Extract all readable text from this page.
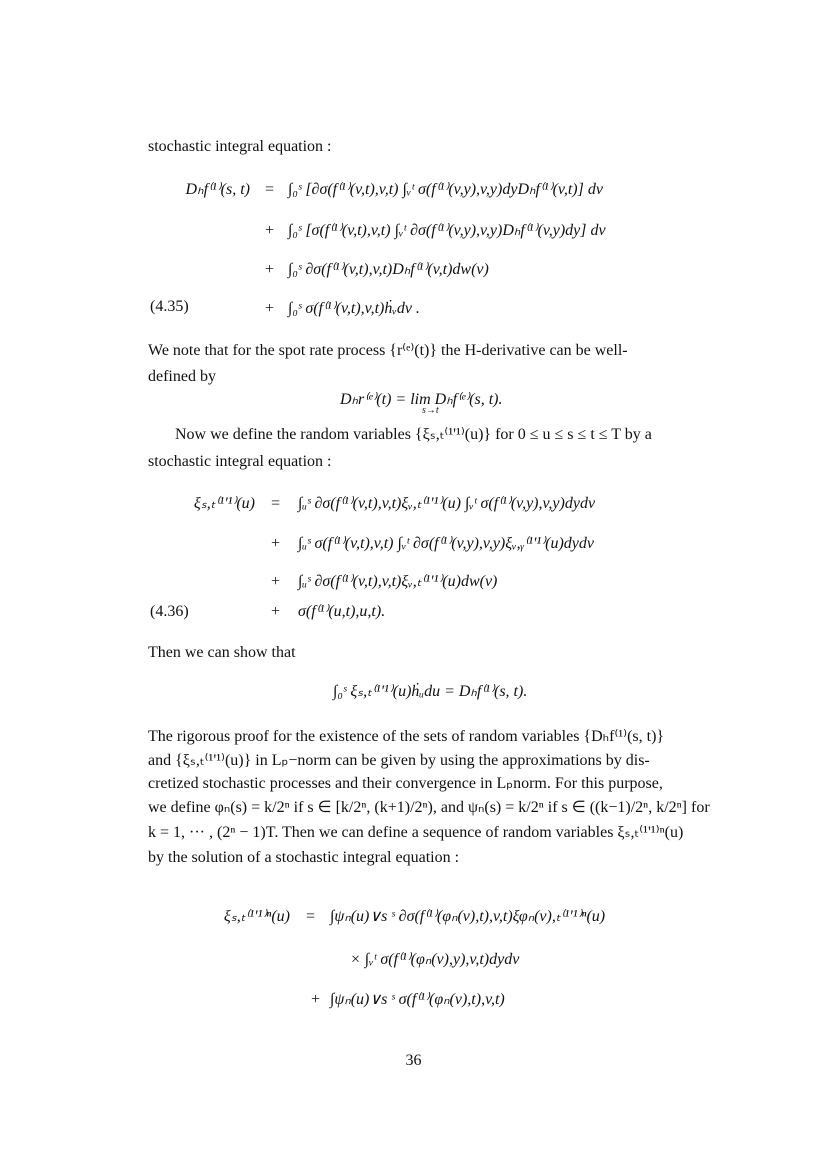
stochastic integral equation :
Dₕf⁽¹⁾(s, t) = ∫₀ˢ [∂σ(f⁽¹⁾(v,t),v,t) ∫ᵥᵗ σ(f⁽¹⁾(v,y),v,y)dyDₕf⁽¹⁾(v,t)] dv
+ ∫₀ˢ [σ(f⁽¹⁾(v,t),v,t) ∫ᵥᵗ ∂σ(f⁽¹⁾(v,y),v,y)Dₕf⁽¹⁾(v,y)dy] dv
+ ∫₀ˢ ∂σ(f⁽¹⁾(v,t),v,t)Dₕf⁽¹⁾(v,t)dw(v)
+ ∫₀ˢ σ(f⁽¹⁾(v,t),v,t)ḣᵥdv .
(4.35)
We note that for the spot rate process {r⁽ᵉ⁾(t)} the H-derivative can be well-
defined by
Dₕr⁽ᵉ⁾(t) = lim Dₕf⁽ᵉ⁾(s, t).
s→t
Now we define the random variables {ξₛ,ₜ⁽¹'¹⁾(u)} for 0 ≤ u ≤ s ≤ t ≤ T by a
stochastic integral equation :
ξₛ,ₜ⁽¹'¹⁾(u) = ∫ᵤˢ ∂σ(f⁽¹⁾(v,t),v,t)ξᵥ,ₜ⁽¹'¹⁾(u) ∫ᵥᵗ σ(f⁽¹⁾(v,y),v,y)dydv
+ ∫ᵤˢ σ(f⁽¹⁾(v,t),v,t) ∫ᵥᵗ ∂σ(f⁽¹⁾(v,y),v,y)ξᵥ,ᵧ⁽¹'¹⁾(u)dydv
+ ∫ᵤˢ ∂σ(f⁽¹⁾(v,t),v,t)ξᵥ,ₜ⁽¹'¹⁾(u)dw(v)
+ σ(f⁽¹⁾(u,t),u,t).
(4.36)
Then we can show that
∫₀ˢ ξₛ,ₜ⁽¹'¹⁾(u)ḣᵤdu = Dₕf⁽¹⁾(s, t).
The rigorous proof for the existence of the sets of random variables {Dₕf⁽¹⁾(s, t)}
and {ξₛ,ₜ⁽¹'¹⁾(u)} in Lₚ−norm can be given by using the approximations by dis-
cretized stochastic processes and their convergence in Lₚnorm. For this purpose,
we define φₙ(s) = k/2ⁿ if s ∈ [k/2ⁿ, (k+1)/2ⁿ), and ψₙ(s) = k/2ⁿ if s ∈ ((k−1)/2ⁿ, k/2ⁿ] for
k = 1, ··· , (2ⁿ − 1)T. Then we can define a sequence of random variables ξₛ,ₜ⁽¹'¹⁾ⁿ(u)
by the solution of a stochastic integral equation :
ξₛ,ₜ⁽¹'¹⁾ⁿ(u) = ∫ψₙ(u)∨s ˢ ∂σ(f⁽¹⁾(φₙ(v),t),v,t)ξφₙ(v),ₜ⁽¹'¹⁾ⁿ(u)
× ∫ᵥᵗ σ(f⁽¹⁾(φₙ(v),y),v,t)dydv
+ ∫ψₙ(u)∨s ˢ σ(f⁽¹⁾(φₙ(v),t),v,t)
36
